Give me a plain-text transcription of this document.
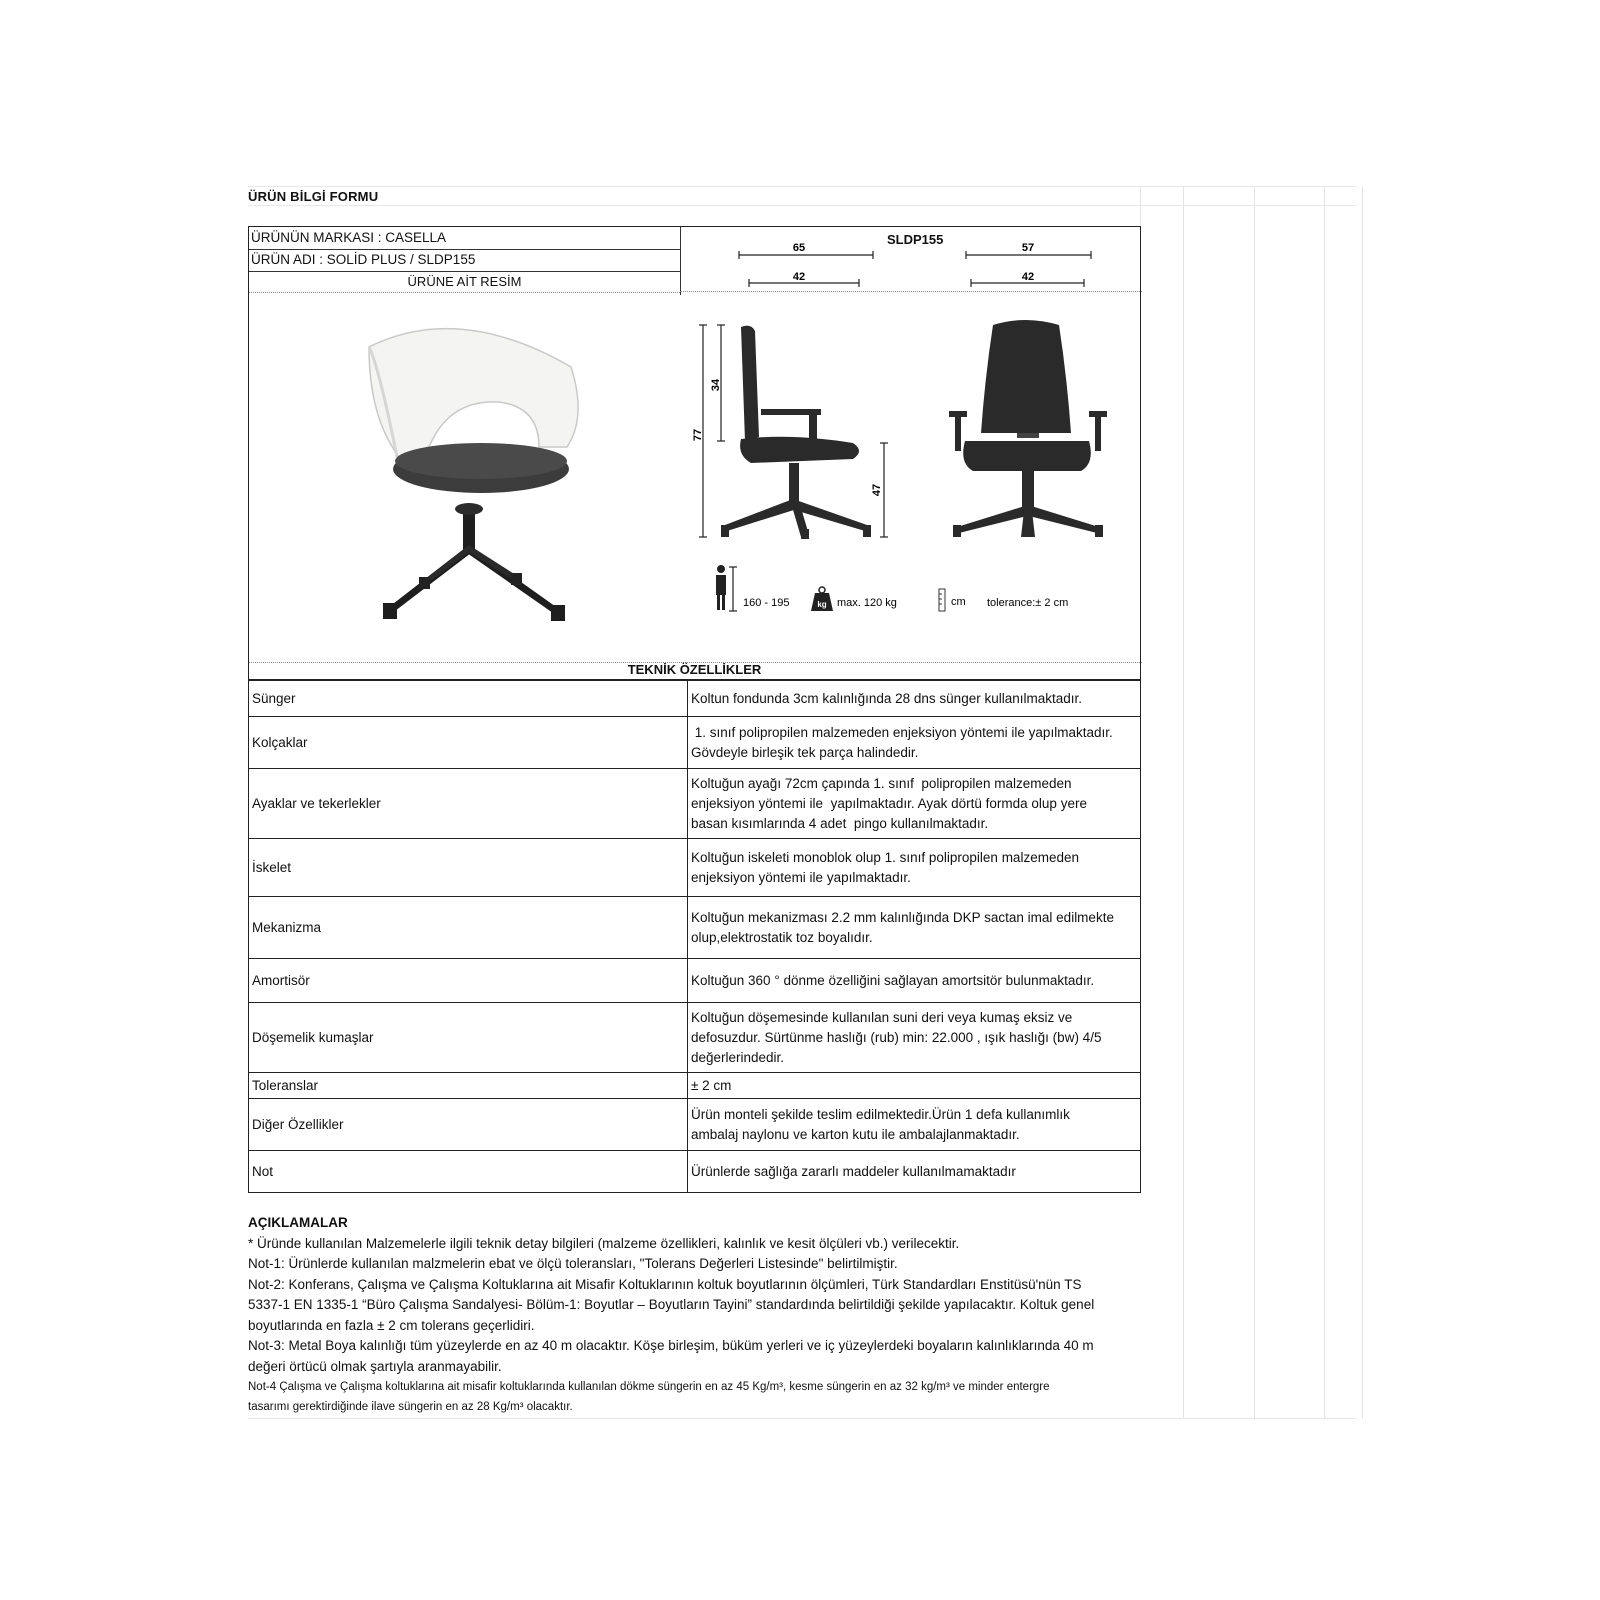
ÜRÜN BİLGİ FORMU
ÜRÜNÜN MARKASI : CASELLA
ÜRÜN ADI : SOLİD PLUS / SLDP155
ÜRÜNE AİT RESİM
SLDP155
65
42
57
42
34
77
47
160 - 195	kg max. 120 kg	cm tolerance:± 2 cm
TEKNİK ÖZELLİKLER
Sünger	Koltun fondunda 3cm kalınlığında 28 dns sünger kullanılmaktadır.

Kolçaklar	1. sınıf polipropilen malzemeden enjeksiyon yöntemi ile yapılmaktadır.
Gövdeyle birleşik tek parça halindedir.

Ayaklar ve tekerlekler	Koltuğun ayağı 72cm çapında 1. sınıf  polipropilen malzemeden
enjeksiyon yöntemi ile  yapılmaktadır. Ayak dörtü formda olup yere
basan kısımlarında 4 adet  pingo kullanılmaktadır.

İskelet	Koltuğun iskeleti monoblok olup 1. sınıf polipropilen malzemeden
enjeksiyon yöntemi ile yapılmaktadır.

Mekanizma	Koltuğun mekanizması 2.2 mm kalınlığında DKP sactan imal edilmekte
olup,elektrostatik toz boyalıdır.

Amortisör	Koltuğun 360 ° dönme özelliğini sağlayan amortsitör bulunmaktadır.

Döşemelik kumaşlar	Koltuğun döşemesinde kullanılan suni deri veya kumaş eksiz ve
defosuzdur. Sürtünme haslığı (rub) min: 22.000 , ışık haslığı (bw) 4/5
değerlerindedir.

Toleranslar	± 2 cm

Diğer Özellikler	Ürün monteli şekilde teslim edilmektedir.Ürün 1 defa kullanımlık
ambalaj naylonu ve karton kutu ile ambalajlanmaktadır.

Not	Ürünlerde sağlığa zararlı maddeler kullanılmamaktadır
AÇIKLAMALAR
* Üründe kullanılan Malzemelerle ilgili teknik detay bilgileri (malzeme özellikleri, kalınlık ve kesit ölçüleri vb.) verilecektir.
Not-1: Ürünlerde kullanılan malzmelerin ebat ve ölçü toleransları, "Tolerans Değerleri Listesinde" belirtilmiştir.
Not-2: Konferans, Çalışma ve Çalışma Koltuklarına ait Misafir Koltuklarının koltuk boyutlarının ölçümleri, Türk Standardları Enstitüsü'nün TS
5337-1 EN 1335-1 “Büro Çalışma Sandalyesi- Bölüm-1: Boyutlar – Boyutların Tayini” standardında belirtildiği şekilde yapılacaktır. Koltuk genel
boyutlarında en fazla ± 2 cm tolerans geçerlidiri.
Not-3: Metal Boya kalınlığı tüm yüzeylerde en az 40 m olacaktır. Köşe birleşim, büküm yerleri ve iç yüzeylerdeki boyaların kalınlıklarında 40 m
değeri örtücü olmak şartıyla aranmayabilir.
Not-4 Çalışma ve Çalışma koltuklarına ait misafir koltuklarında kullanılan dökme süngerin en az 45 Kg/m³, kesme süngerin en az 32 kg/m³ ve minder entergre
tasarımı gerektirdiğinde ilave süngerin en az 28 Kg/m³ olacaktır.
